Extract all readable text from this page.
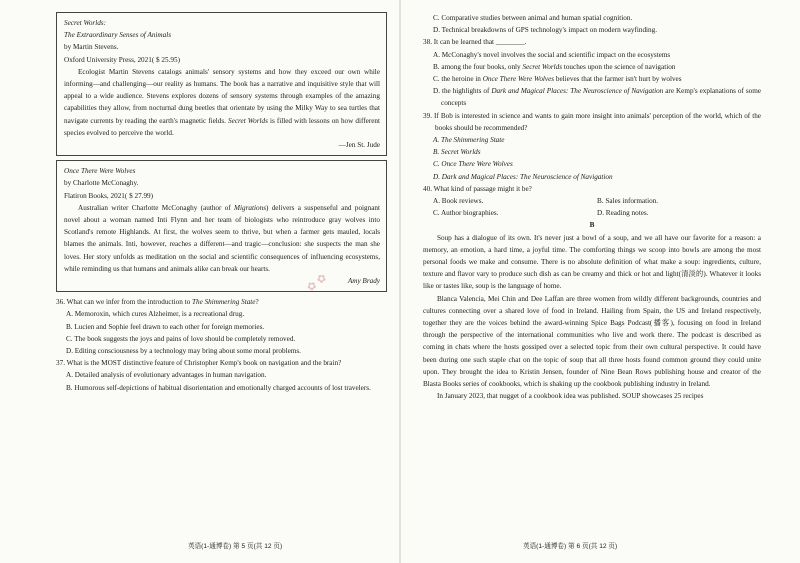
Secret Worlds:

The Extraordinary Senses of Animals

by Martin Stevens.

Oxford University Press, 2021( $ 25.95)

Ecologist Martin Stevens catalogs animals' sensory systems and how they exceed our own while informing—and challenging—our reality as humans. The book has a narrative and inquisitive style that will appeal to a wide audience. Stevens explores dozens of sensory systems through examples of the amazing capabilities they allow, from nocturnal dung beetles that orientate by using the Milky Way to sea turtles that navigate currents by reading the earth's magnetic fields. Secret Worlds is filled with lessons on how different species evolved to perceive the world.

—Jen St. Jude

Once There Were Wolves

by Charlotte McConaghy.

Flatiron Books, 2021( $ 27.99)

Australian writer Charlotte McConaghy (author of Migrations) delivers a suspenseful and poignant novel about a woman named Inti Flynn and her team of biologists who reintroduce gray wolves into Scotland's remote Highlands. At first, the wolves seem to thrive, but when a farmer gets mauled, locals blames the animals. Inti, however, reaches a different—and tragic—conclusion: she suspects the man she loves. Her story unfolds as meditation on the social and scientific consequences of influencing ecosystems, while reminding us that humans and animals alike can break our hearts.

Amy Brady

36. What can we infer from the introduction to The Shimmering State?

A. Memoroxin, which cures Alzheimer, is a recreational drug.

B. Lucien and Sophie feel drawn to each other for foreign memories.

C. The book suggests the joys and pains of love should be completely removed.

D. Editing consciousness by a technology may bring about some moral problems.

37. What is the MOST distinctive feature of Christopher Kemp's book on navigation and the brain?

A. Detailed analysis of evolutionary advantages in human navigation.

B. Humorous self-depictions of habitual disorientation and emotionally charged accounts of lost travelers.

英语(1-通博卷) 第 5 页(共 12 页)

C. Comparative studies between animal and human spatial cognition.

D. Technical breakdowns of GPS technology's impact on modern wayfinding.

38. It can be learned that ________.

A. McConaghy's novel involves the social and scientific impact on the ecosystems

B. among the four books, only Secret Worlds touches upon the science of navigation

C. the heroine in Once There Were Wolves believes that the farmer isn't hurt by wolves

D. the highlights of Dark and Magical Places: The Neuroscience of Navigation are Kemp's explanations of some concepts

39. If Bob is interested in science and wants to gain more insight into animals' perception of the world, which of the books should be recommended?

A. The Shimmering State

B. Secret Worlds

C. Once There Were Wolves

D. Dark and Magical Places: The Neuroscience of Navigation

40. What kind of passage might it be?

A. Book reviews.	B. Sales information.

C. Author biographies.	D. Reading notes.

B

Soup has a dialogue of its own. It's never just a bowl of a soup, and we all have our favorite for a reason: a memory, an emotion, a hard time, a joyful time. The comforting things we scoop into bowls are among the most personal foods we make and consume. There is no absolute definition of what make a soup: ingredients, culture, texture and flavor vary to produce such dish as can be creamy and thick or hot and light(清淡的). Whatever it looks like or tastes like, soup is the language of home.

Blanca Valencia, Mei Chin and Dee Laffan are three women from wildly different backgrounds, countries and cultures connecting over a shared love of food in Ireland. Hailing from Spain, the US and Ireland respectively, together they are the voices behind the award-winning Spice Bags Podcast(播客), focusing on food in Ireland through the perspective of the international communities who live and work there. The podcast is described as coming in chats where the hosts gossiped over a selected topic from their own cultural perspective. It could have been during one such staple chat on the topic of soup that all three hosts found common ground they could unite upon. They brought the idea to Kristin Jensen, founder of Nine Bean Rows publishing house and creator of the Blasta Books series of cookbooks, which is shaking up the cookbook publishing industry in Ireland.

In January 2023, that nugget of a cookbook idea was published. SOUP showcases 25 recipes

英语(1-通博卷) 第 6 页(共 12 页)
✿ ✿
